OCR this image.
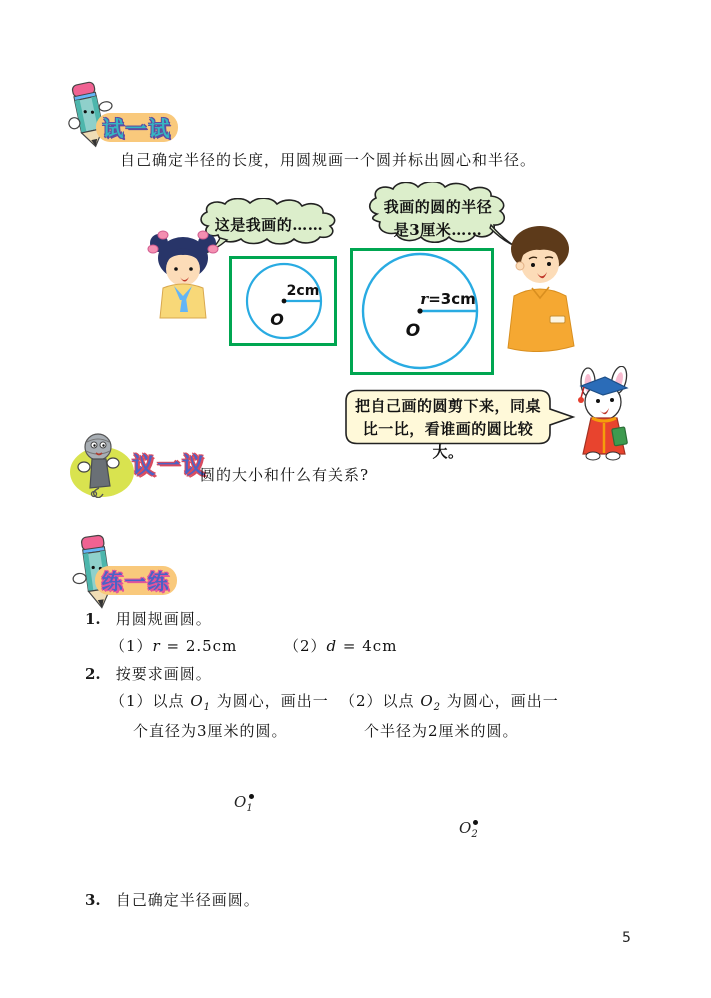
试一试
自己确定半径的长度，用圆规画一个圆并标出圆心和半径。
这是我画的……
我画的圆的半径
是3厘米……
2cm
O
r=3cm
O
把自己画的圆剪下来，同桌
比一比，看谁画的圆比较大。
议一议
圆的大小和什么有关系?
练一练
1. 用圆规画圆。
（1）r = 2.5cm	（2）d = 4cm
2. 按要求画圆。
（1）以点 $O_1$ 为圆心，画出一
个直径为3厘米的圆。
（2）以点 $O_2$ 为圆心，画出一
个半径为2厘米的圆。
$O_1$
$O_2$
3. 自己确定半径画圆。
5
